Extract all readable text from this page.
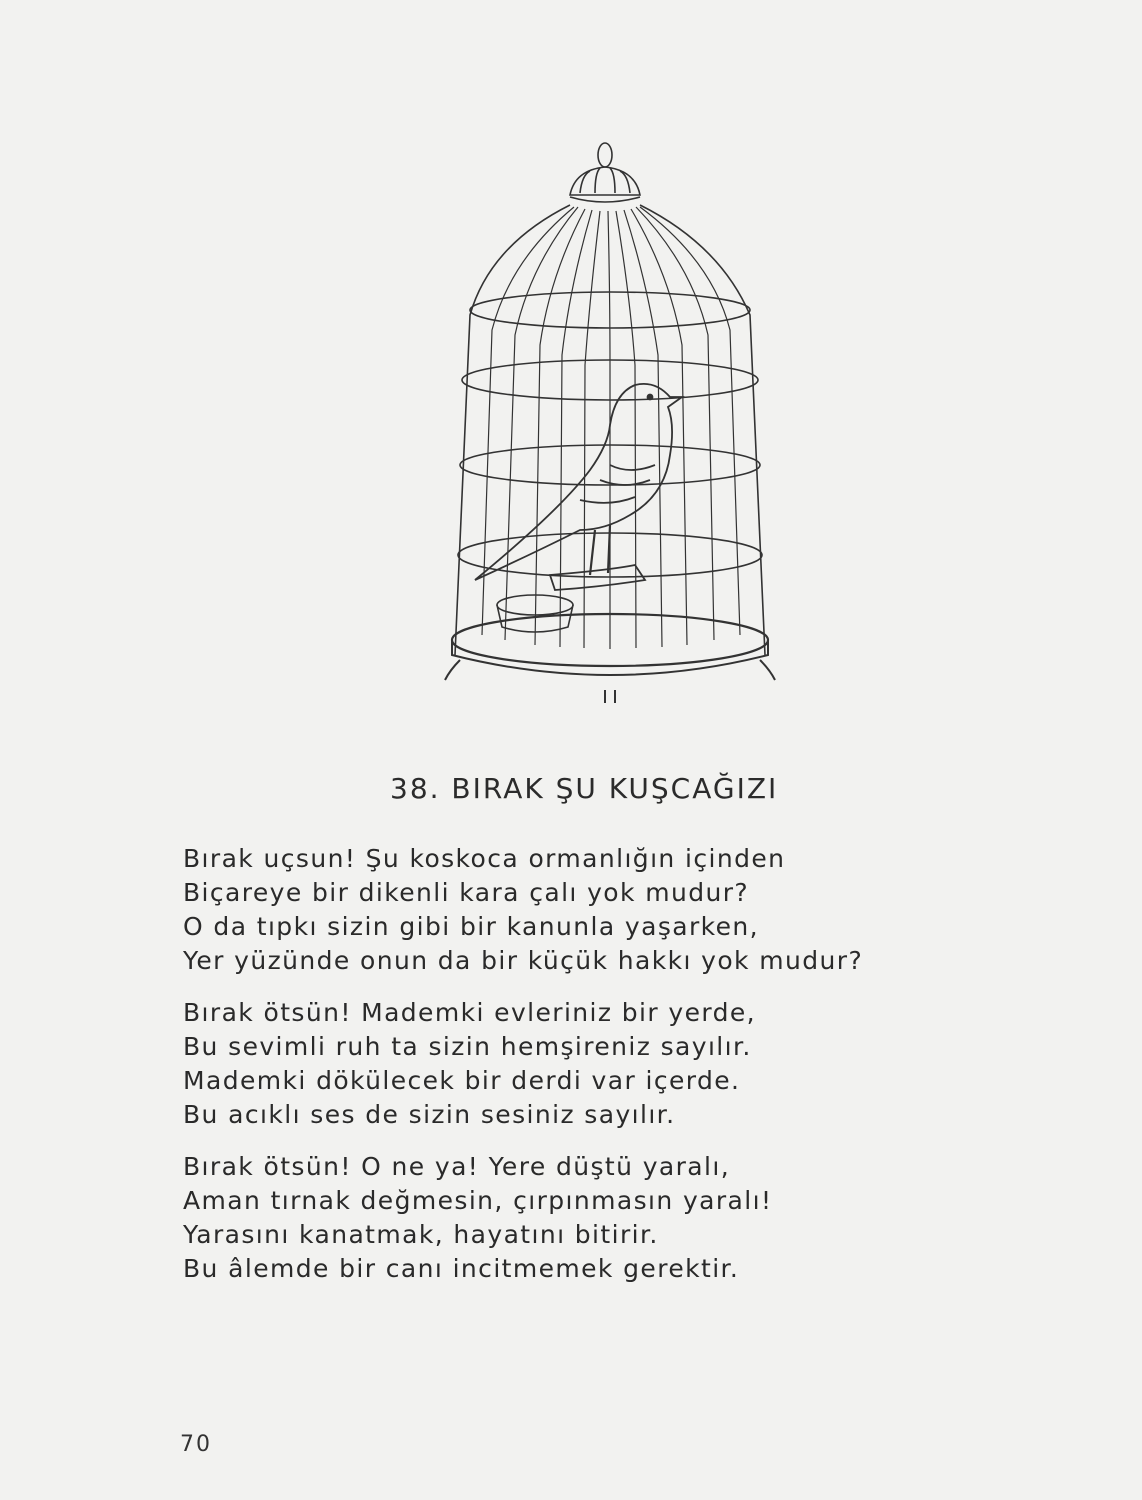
38. BIRAK ŞU KUŞCAĞIZI
Bırak uçsun! Şu koskoca ormanlığın içinden
Biçareye bir dikenli kara çalı yok mudur?
O da tıpkı sizin gibi bir kanunla yaşarken,
Yer yüzünde onun da bir küçük hakkı yok mudur?
Bırak ötsün! Mademki evleriniz bir yerde,
Bu sevimli ruh ta sizin hemşireniz sayılır.
Mademki dökülecek bir derdi var içerde.
Bu acıklı ses de sizin sesiniz sayılır.
Bırak ötsün! O ne ya! Yere düştü yaralı,
Aman tırnak değmesin, çırpınmasın yaralı!
Yarasını kanatmak, hayatını bitirir.
Bu âlemde bir canı incitmemek gerektir.
70
